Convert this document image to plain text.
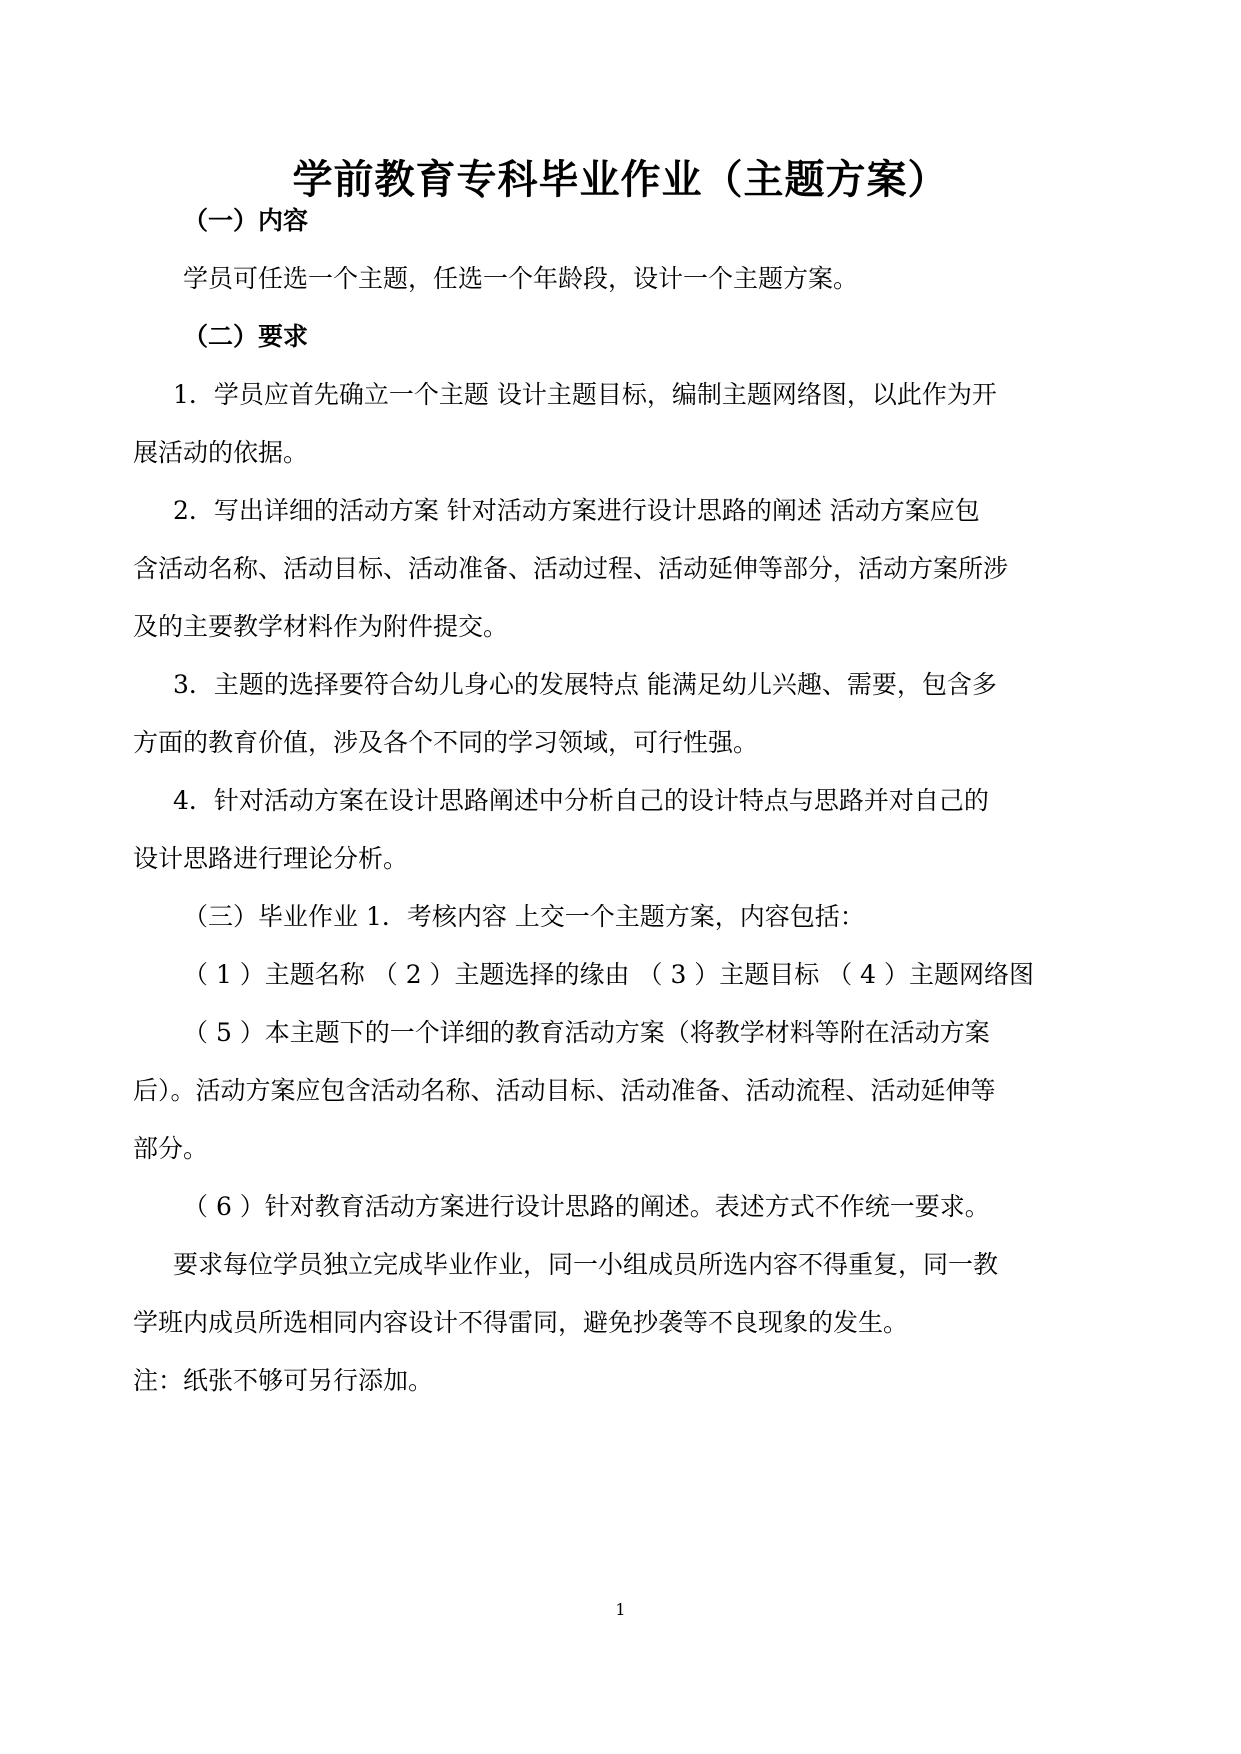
学前教育专科毕业作业（主题方案）
（一）内容
学员可任选一个主题，任选一个年龄段，设计一个主题方案。
（二）要求
1．学员应首先确立一个主题 设计主题目标，编制主题网络图，以此作为开
展活动的依据。
2．写出详细的活动方案 针对活动方案进行设计思路的阐述 活动方案应包
含活动名称、活动目标、活动准备、活动过程、活动延伸等部分，活动方案所涉
及的主要教学材料作为附件提交。
3．主题的选择要符合幼儿身心的发展特点 能满足幼儿兴趣、需要，包含多
方面的教育价值，涉及各个不同的学习领域，可行性强。
4．针对活动方案在设计思路阐述中分析自己的设计特点与思路并对自己的
设计思路进行理论分析。
（三）毕业作业 1．考核内容 上交一个主题方案，内容包括：
（ 1 ）主题名称 （ 2 ）主题选择的缘由 （ 3 ）主题目标 （ 4 ）主题网络图
（ 5 ）本主题下的一个详细的教育活动方案（将教学材料等附在活动方案
后）。活动方案应包含活动名称、活动目标、活动准备、活动流程、活动延伸等
部分。
（ 6 ）针对教育活动方案进行设计思路的阐述。表述方式不作统一要求。
要求每位学员独立完成毕业作业，同一小组成员所选内容不得重复，同一教
学班内成员所选相同内容设计不得雷同，避免抄袭等不良现象的发生。
注：纸张不够可另行添加。
1
